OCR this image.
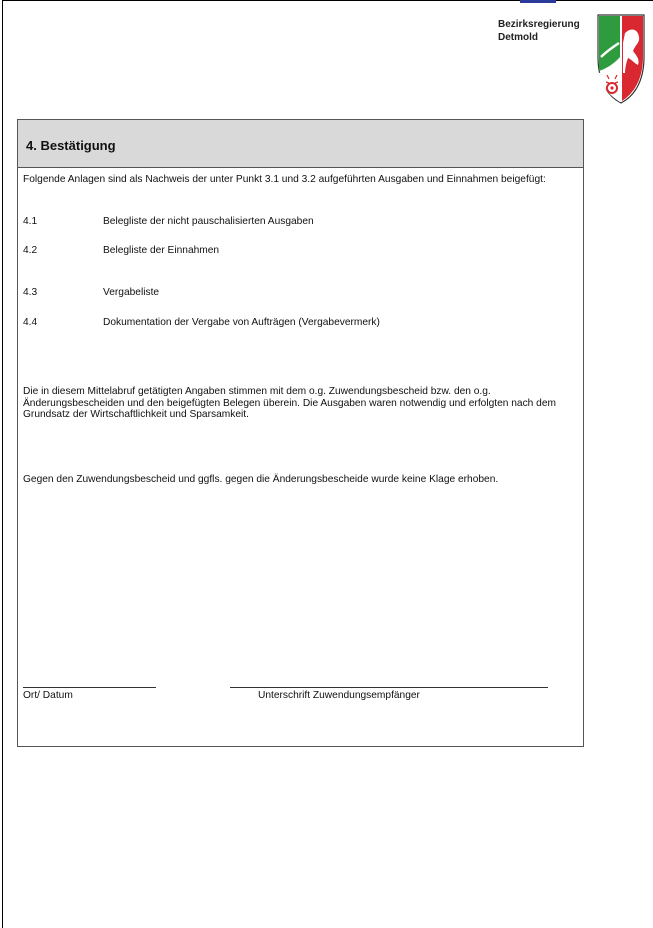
Bezirksregierung
Detmold
4. Bestätigung
Folgende Anlagen sind als Nachweis der unter Punkt 3.1 und 3.2 aufgeführten Ausgaben und Einnahmen beigefügt:
4.1	Belegliste der nicht pauschalisierten Ausgaben
4.2	Belegliste der Einnahmen
4.3	Vergabeliste
4.4	Dokumentation der Vergabe von Aufträgen (Vergabevermerk)
Die in diesem Mittelabruf getätigten Angaben stimmen mit dem o.g. Zuwendungsbescheid bzw. den o.g. Änderungsbescheiden und den beigefügten Belegen überein. Die Ausgaben waren notwendig und erfolgten nach dem Grundsatz der Wirtschaftlichkeit und Sparsamkeit.
Gegen den Zuwendungsbescheid und ggfls. gegen die Änderungsbescheide wurde keine Klage erhoben.
Ort/ Datum	Unterschrift Zuwendungsempfänger
